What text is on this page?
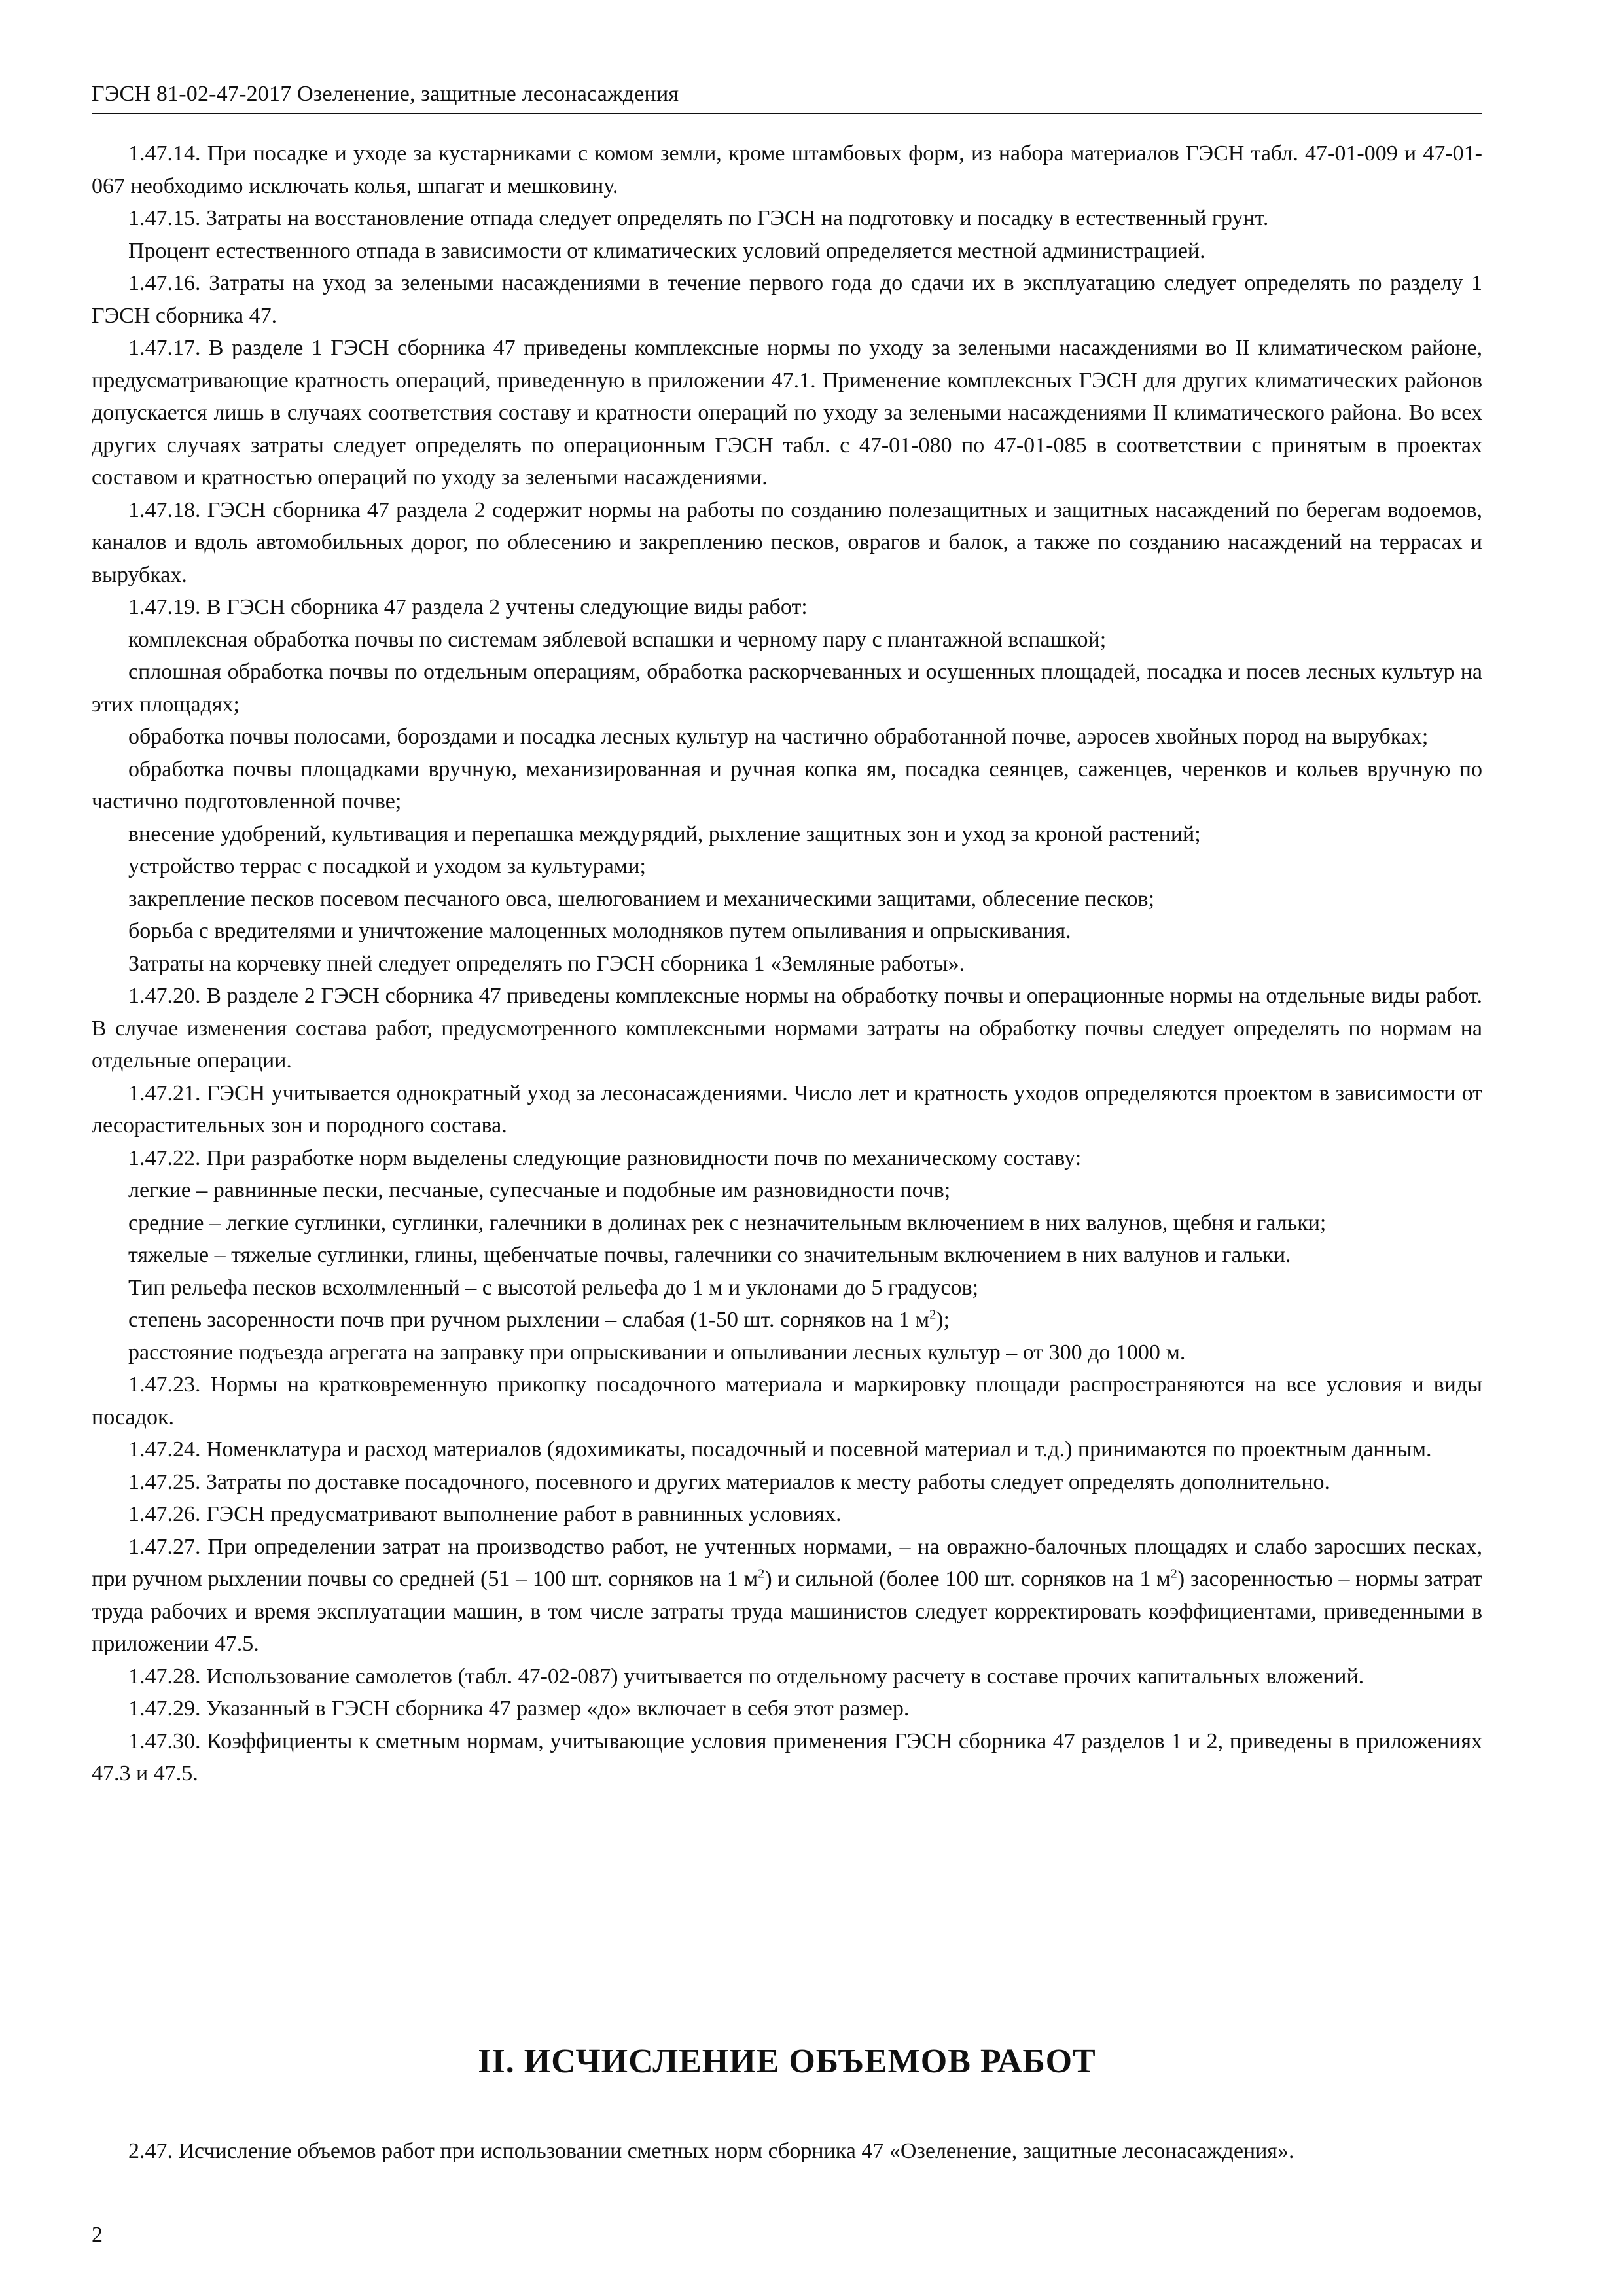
ГЭСН 81-02-47-2017 Озеленение, защитные лесонасаждения

1.47.14. При посадке и уходе за кустарниками с комом земли, кроме штамбовых форм, из набора материалов ГЭСН табл. 47-01-009 и 47-01-067 необходимо исключать колья, шпагат и мешковину.

1.47.15. Затраты на восстановление отпада следует определять по ГЭСН на подготовку и посадку в естественный грунт.

Процент естественного отпада в зависимости от климатических условий определяется местной администрацией.

1.47.16. Затраты на уход за зелеными насаждениями в течение первого года до сдачи их в эксплуатацию следует определять по разделу 1 ГЭСН сборника 47.

1.47.17. В разделе 1 ГЭСН сборника 47 приведены комплексные нормы по уходу за зелеными насаждениями во II климатическом районе, предусматривающие кратность операций, приведенную в приложении 47.1. Применение комплексных ГЭСН для других климатических районов допускается лишь в случаях соответствия составу и кратности операций по уходу за зелеными насаждениями II климатического района. Во всех других случаях затраты следует определять по операционным ГЭСН табл. с 47-01-080 по 47-01-085 в соответствии с принятым в проектах составом и кратностью операций по уходу за зелеными насаждениями.

1.47.18. ГЭСН сборника 47 раздела 2 содержит нормы на работы по созданию полезащитных и защитных насаждений по берегам водоемов, каналов и вдоль автомобильных дорог, по облесению и закреплению песков, оврагов и балок, а также по созданию насаждений на террасах и вырубках.

1.47.19. В ГЭСН сборника 47 раздела 2 учтены следующие виды работ:

комплексная обработка почвы по системам зяблевой вспашки и черному пару с плантажной вспашкой;

сплошная обработка почвы по отдельным операциям, обработка раскорчеванных и осушенных площадей, посадка и посев лесных культур на этих площадях;

обработка почвы полосами, бороздами и посадка лесных культур на частично обработанной почве, аэросев хвойных пород на вырубках;

обработка почвы площадками вручную, механизированная и ручная копка ям, посадка сеянцев, саженцев, черенков и кольев вручную по частично подготовленной почве;

внесение удобрений, культивация и перепашка междурядий, рыхление защитных зон и уход за кроной растений;

устройство террас с посадкой и уходом за культурами;

закрепление песков посевом песчаного овса, шелюгованием и механическими защитами, облесение песков;

борьба с вредителями и уничтожение малоценных молодняков путем опыливания и опрыскивания.

Затраты на корчевку пней следует определять по ГЭСН сборника 1 «Земляные работы».

1.47.20. В разделе 2 ГЭСН сборника 47 приведены комплексные нормы на обработку почвы и операционные нормы на отдельные виды работ. В случае изменения состава работ, предусмотренного комплексными нормами затраты на обработку почвы следует определять по нормам на отдельные операции.

1.47.21. ГЭСН учитывается однократный уход за лесонасаждениями. Число лет и кратность уходов определяются проектом в зависимости от лесорастительных зон и породного состава.

1.47.22. При разработке норм выделены следующие разновидности почв по механическому составу:

легкие – равнинные пески, песчаные, супесчаные и подобные им разновидности почв;

средние – легкие суглинки, суглинки, галечники в долинах рек с незначительным включением в них валунов, щебня и гальки;

тяжелые – тяжелые суглинки, глины, щебенчатые почвы, галечники со значительным включением в них валунов и гальки.

Тип рельефа песков всхолмленный – с высотой рельефа до 1 м и уклонами до 5 градусов;

степень засоренности почв при ручном рыхлении – слабая (1-50 шт. сорняков на 1 $м^2$);

расстояние подъезда агрегата на заправку при опрыскивании и опыливании лесных культур – от 300 до 1000 м.

1.47.23. Нормы на кратковременную прикопку посадочного материала и маркировку площади распространяются на все условия и виды посадок.

1.47.24. Номенклатура и расход материалов (ядохимикаты, посадочный и посевной материал и т.д.) принимаются по проектным данным.

1.47.25. Затраты по доставке посадочного, посевного и других материалов к месту работы следует определять дополнительно.

1.47.26. ГЭСН предусматривают выполнение работ в равнинных условиях.

1.47.27. При определении затрат на производство работ, не учтенных нормами, – на овражно-балочных площадях и слабо заросших песках, при ручном рыхлении почвы со средней (51 – 100 шт. сорняков на 1 $м^2$) и сильной (более 100 шт. сорняков на 1 $м^2$) засоренностью – нормы затрат труда рабочих и время эксплуатации машин, в том числе затраты труда машинистов следует корректировать коэффициентами, приведенными в приложении 47.5.

1.47.28. Использование самолетов (табл. 47-02-087) учитывается по отдельному расчету в составе прочих капитальных вложений.

1.47.29. Указанный в ГЭСН сборника 47 размер «до» включает в себя этот размер.

1.47.30. Коэффициенты к сметным нормам, учитывающие условия применения ГЭСН сборника 47 разделов 1 и 2, приведены в приложениях 47.3 и 47.5.

II. ИСЧИСЛЕНИЕ ОБЪЕМОВ РАБОТ

2.47. Исчисление объемов работ при использовании сметных норм сборника 47 «Озеленение, защитные лесонасаждения».

2
